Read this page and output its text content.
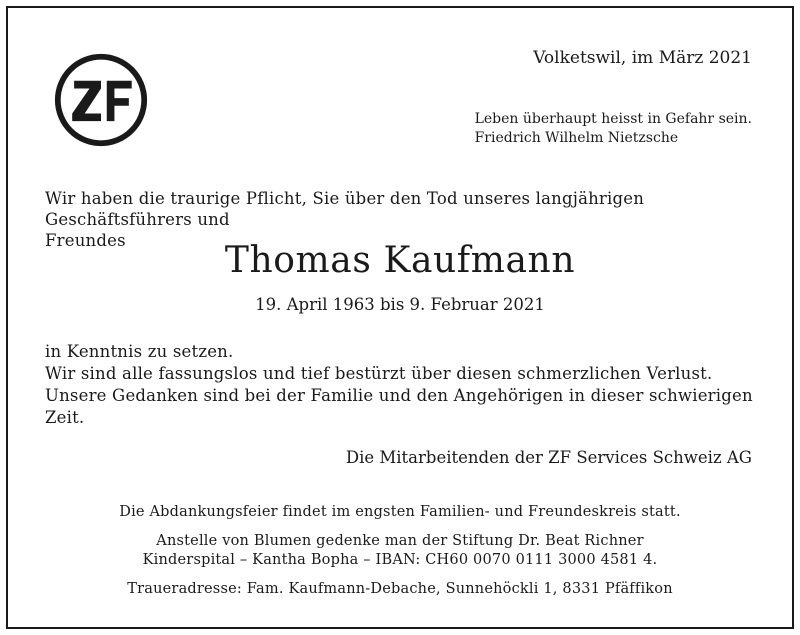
ZF	Volketswil, im März 2021
Leben überhaupt heisst in Gefahr sein.
Friedrich Wilhelm Nietzsche
Wir haben die traurige Pflicht, Sie über den Tod unseres langjährigen Geschäftsführers und
Freundes	Thomas Kaufmann
19. April 1963 bis 9. Februar 2021
in Kenntnis zu setzen.
Wir sind alle fassungslos und tief bestürzt über diesen schmerzlichen Verlust.
Unsere Gedanken sind bei der Familie und den Angehörigen in dieser schwierigen Zeit.
Die Mitarbeitenden der ZF Services Schweiz AG
Die Abdankungsfeier findet im engsten Familien- und Freundeskreis statt.
Anstelle von Blumen gedenke man der Stiftung Dr. Beat Richner
Kinderspital – Kantha Bopha – IBAN: CH60 0070 0111 3000 4581 4.
Traueradresse: Fam. Kaufmann-Debache, Sunnehöckli 1, 8331 Pfäffikon
